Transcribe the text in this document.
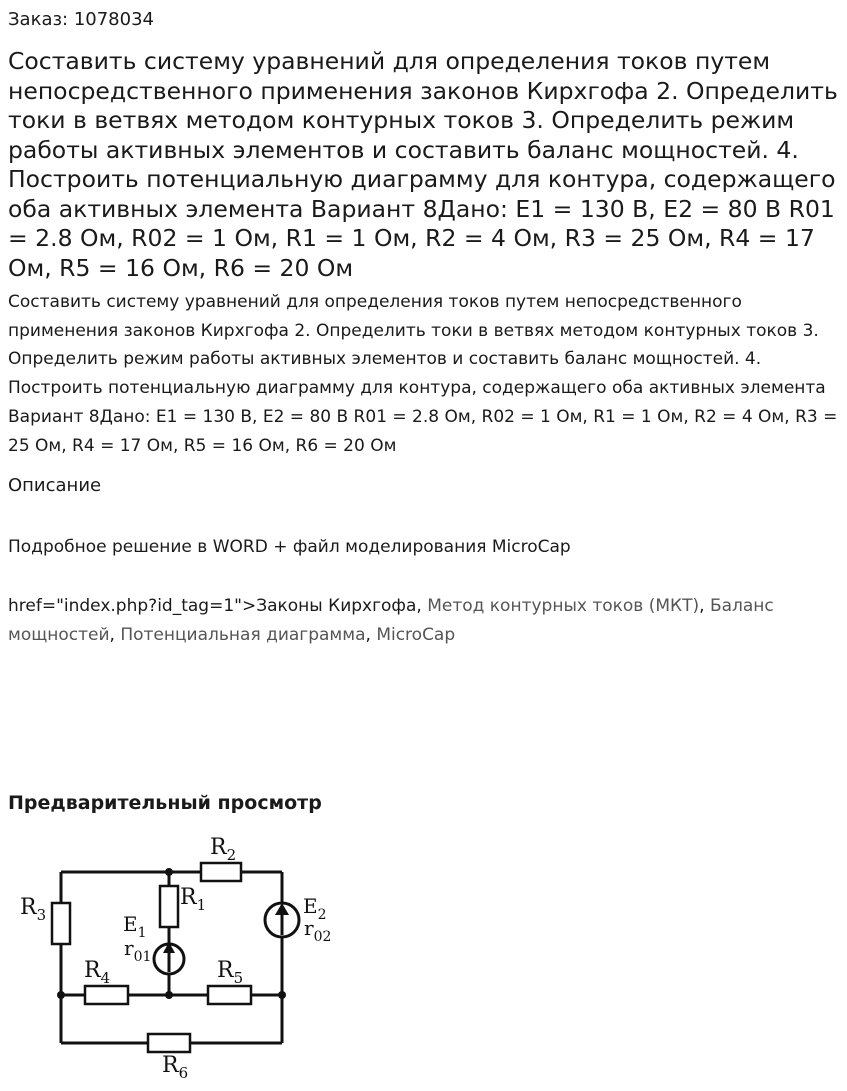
Заказ: 1078034
Составить систему уравнений для определения токов путем непосредственного применения законов Кирхгофа 2. Определить токи в ветвях методом контурных токов 3. Определить режим работы активных элементов и составить баланс мощностей. 4. Построить потенциальную диаграмму для контура, содержащего оба активных элемента Вариант 8Дано: E1 = 130 В, E2 = 80 В R01 = 2.8 Ом, R02 = 1 Ом, R1 = 1 Ом, R2 = 4 Ом, R3 = 25 Ом, R4 = 17 Ом, R5 = 16 Ом, R6 = 20 Ом
Составить систему уравнений для определения токов путем непосредственного применения законов Кирхгофа 2. Определить токи в ветвях методом контурных токов 3. Определить режим работы активных элементов и составить баланс мощностей. 4. Построить потенциальную диаграмму для контура, содержащего оба активных элемента Вариант 8Дано: E1 = 130 В, E2 = 80 В R01 = 2.8 Ом, R02 = 1 Ом, R1 = 1 Ом, R2 = 4 Ом, R3 = 25 Ом, R4 = 17 Ом, R5 = 16 Ом, R6 = 20 Ом
Описание
Подробное решение в WORD + файл моделирования MicroCap
href="index.php?id_tag=1">Законы Кирхгофа, Метод контурных токов (МКТ), Баланс мощностей, Потенциальная диаграмма, MicroCap
Предварительный просмотр
$R_2$
$R_3$
$R_1$
$E_1$
$r_{01}$
$E_2$
$r_{02}$
$R_4$	$R_5$
$R_6$
